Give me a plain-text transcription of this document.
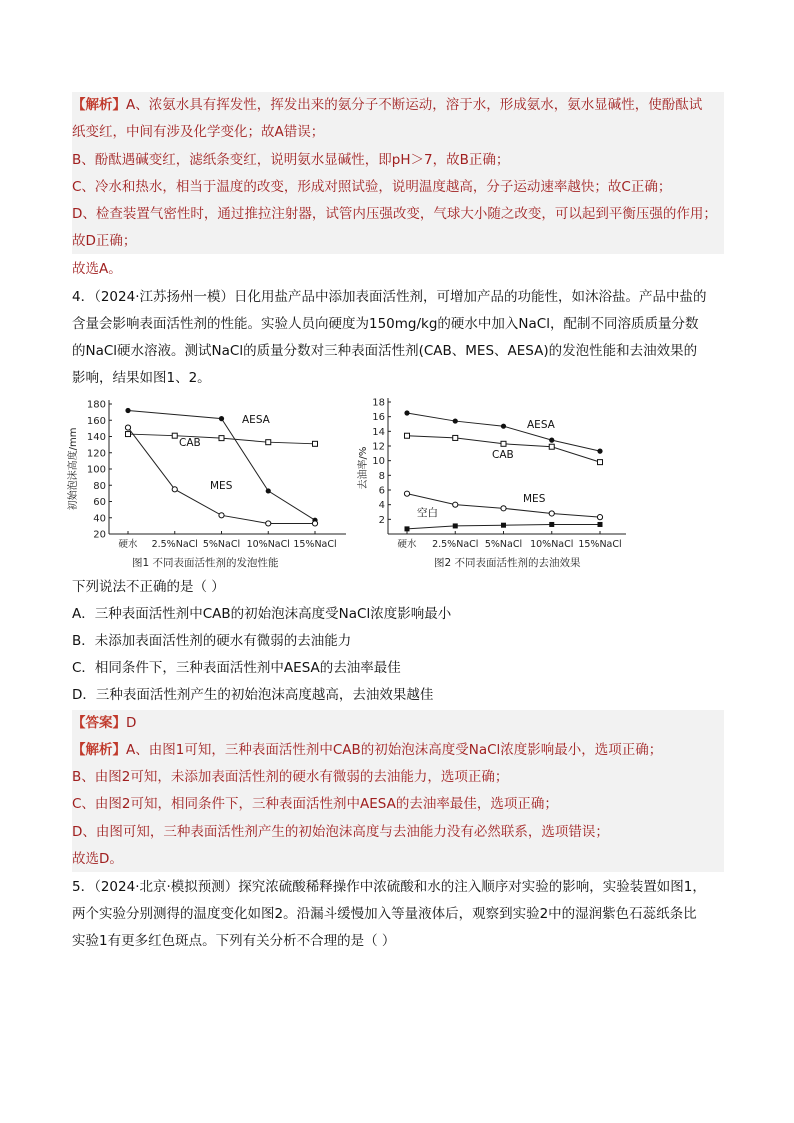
【解析】A、浓氨水具有挥发性，挥发出来的氨分子不断运动，溶于水，形成氨水，氨水显碱性，使酚酞试
纸变红，中间有涉及化学变化；故A错误；
B、酚酞遇碱变红，滤纸条变红，说明氨水显碱性，即pH＞7，故B正确；
C、冷水和热水，相当于温度的改变，形成对照试验，说明温度越高，分子运动速率越快；故C正确；
D、检查装置气密性时，通过推拉注射器，试管内压强改变，气球大小随之改变，可以起到平衡压强的作用；
故D正确；
故选A。
4．（2024·江苏扬州一模）日化用盐产品中添加表面活性剂，可增加产品的功能性，如沐浴盐。产品中盐的
含量会影响表面活性剂的性能。实验人员向硬度为150mg/kg的硬水中加入NaCl，配制不同溶质质量分数
的NaCl硬水溶液。测试NaCl的质量分数对三种表面活性剂(CAB、MES、AESA)的发泡性能和去油效果的
影响，结果如图1、2。
20
40
60
80
100
120
140
160
180
初始泡沫高度/mm
硬水 2.5%NaCl 5%NaCl 10%NaCl 15%NaCl
AESA
CAB
MES
图1 不同表面活性剂的发泡性能
2
4
6
8
10
12
14
16
18
去油率/%
硬水 2.5%NaCl 5%NaCl 10%NaCl 15%NaCl
AESA
CAB
MES
空白
图2 不同表面活性剂的去油效果
下列说法不正确的是（ ）
A．三种表面活性剂中CAB的初始泡沫高度受NaCl浓度影响最小
B．未添加表面活性剂的硬水有微弱的去油能力
C．相同条件下，三种表面活性剂中AESA的去油率最佳
D．三种表面活性剂产生的初始泡沫高度越高，去油效果越佳
【答案】D
【解析】A、由图1可知，三种表面活性剂中CAB的初始泡沫高度受NaCl浓度影响最小，选项正确；
B、由图2可知，未添加表面活性剂的硬水有微弱的去油能力，选项正确；
C、由图2可知，相同条件下，三种表面活性剂中AESA的去油率最佳，选项正确；
D、由图可知，三种表面活性剂产生的初始泡沫高度与去油能力没有必然联系，选项错误；
故选D。
5．（2024·北京·模拟预测）探究浓硫酸稀释操作中浓硫酸和水的注入顺序对实验的影响，实验装置如图1，
两个实验分别测得的温度变化如图2。沿漏斗缓慢加入等量液体后，观察到实验2中的湿润紫色石蕊纸条比
实验1有更多红色斑点。下列有关分析不合理的是（ ）
